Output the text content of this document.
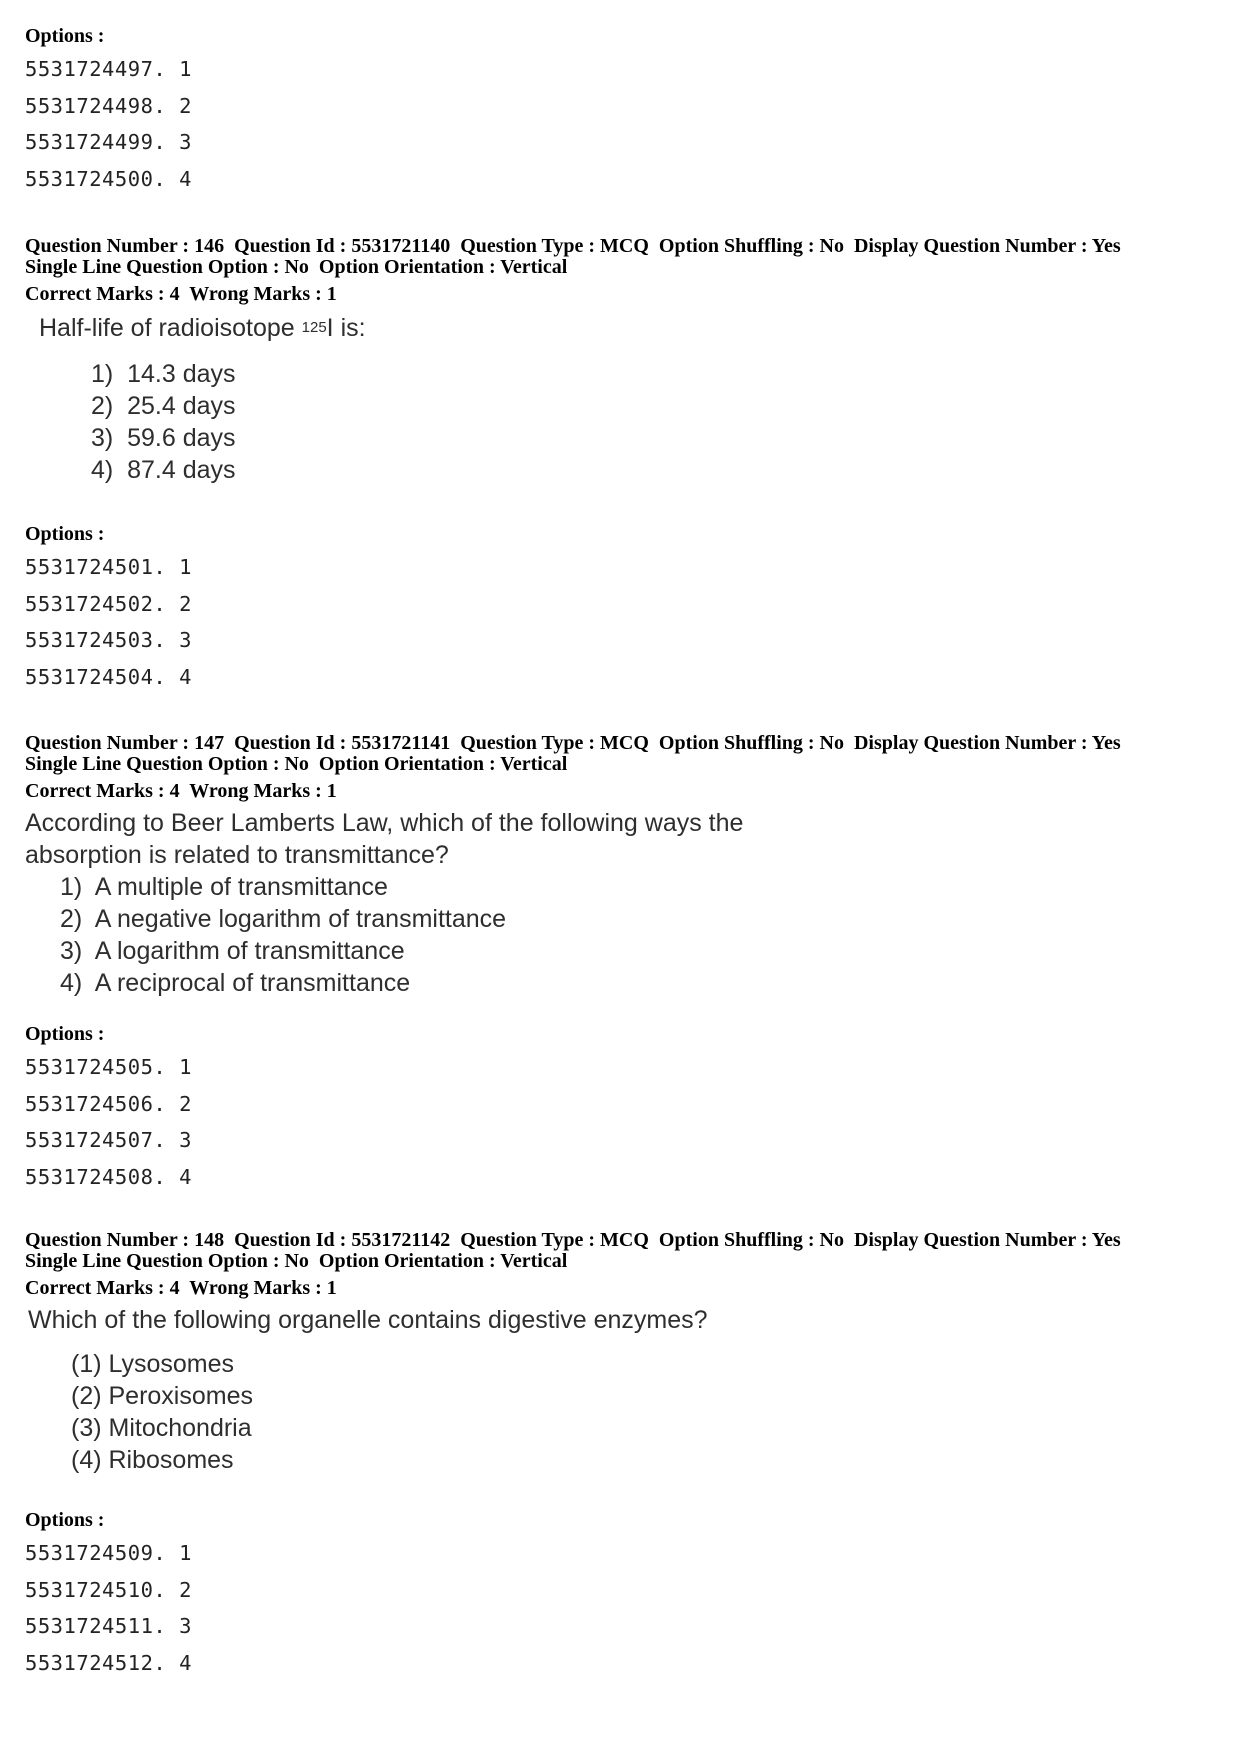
Options :
5531724497. 1
5531724498. 2
5531724499. 3
5531724500. 4
Question Number : 146  Question Id : 5531721140  Question Type : MCQ  Option Shuffling : No  Display Question Number : Yes
Single Line Question Option : No  Option Orientation : Vertical
Correct Marks : 4  Wrong Marks : 1
Half-life of radioisotope $^{125}$I is:
1)  14.3 days
2)  25.4 days
3)  59.6 days
4)  87.4 days
Options :
5531724501. 1
5531724502. 2
5531724503. 3
5531724504. 4
Question Number : 147  Question Id : 5531721141  Question Type : MCQ  Option Shuffling : No  Display Question Number : Yes
Single Line Question Option : No  Option Orientation : Vertical
Correct Marks : 4  Wrong Marks : 1
According to Beer Lamberts Law, which of the following ways the
absorption is related to transmittance?
1)  A multiple of transmittance
2)  A negative logarithm of transmittance
3)  A logarithm of transmittance
4)  A reciprocal of transmittance
Options :
5531724505. 1
5531724506. 2
5531724507. 3
5531724508. 4
Question Number : 148  Question Id : 5531721142  Question Type : MCQ  Option Shuffling : No  Display Question Number : Yes
Single Line Question Option : No  Option Orientation : Vertical
Correct Marks : 4  Wrong Marks : 1
Which of the following organelle contains digestive enzymes?
(1) Lysosomes
(2) Peroxisomes
(3) Mitochondria
(4) Ribosomes
Options :
5531724509. 1
5531724510. 2
5531724511. 3
5531724512. 4
